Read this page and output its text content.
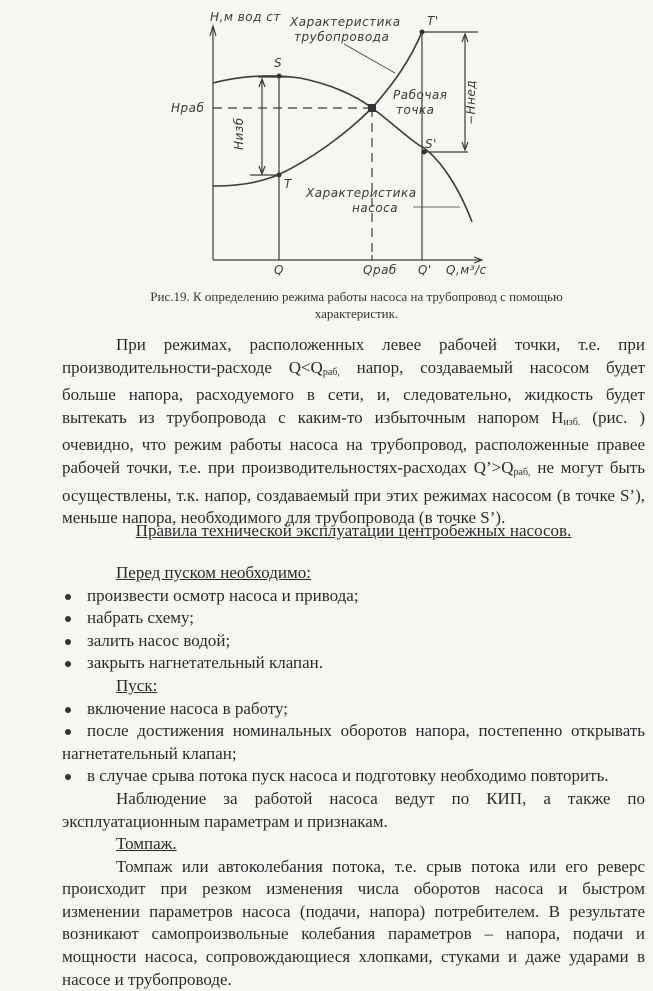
H,м вод ст Характеристика
трубопровода
S
T'
Рабочая
точка
Hраб
Hизб
−Hнед
S'
T
Характеристика
насоса
Q	Qраб Q' Q,м³/с
Рис.19. К определению режима работы насоса на трубопровод с помощью
характеристик.
При режимах, расположенных левее рабочей точки, т.е. при
производительности-расходе $Q<Q_{раб,}$ напор, создаваемый насосом будет
больше напора, расходуемого в сети, и, следовательно, жидкость будет
вытекать из трубопровода с каким-то избыточным напором $H_{изб.}$ (рис. )
очевидно, что режим работы насоса на трубопровод, расположенные правее
рабочей точки, т.е. при производительностях-расходах $Q’>Q_{раб,}$ не могут быть
осуществлены, т.к. напор, создаваемый при этих режимах насосом (в точке S’),
меньше напора, необходимого для трубопровода (в точке S’).
Правила технической эксплуатации центробежных насосов.
Перед пуском необходимо:
произвести осмотр насоса и привода;
набрать схему;
залить насос водой;
закрыть нагнетательный клапан.
Пуск:
включение насоса в работу;
после достижения номинальных оборотов напора, постепенно открывать
нагнетательный клапан;
в случае срыва потока пуск насоса и подготовку необходимо повторить.
Наблюдение за работой насоса ведут по КИП, а также по
эксплуатационным параметрам и признакам.
Томпаж.
Томпаж или автоколебания потока, т.е. срыв потока или его реверс
происходит при резком изменения числа оборотов насоса и быстром
изменении параметров насоса (подачи, напора) потребителем. В результате
возникают самопроизвольные колебания параметров – напора, подачи и
мощности насоса, сопровождающиеся хлопками, стуками и даже ударами в
насосе и трубопроводе.
